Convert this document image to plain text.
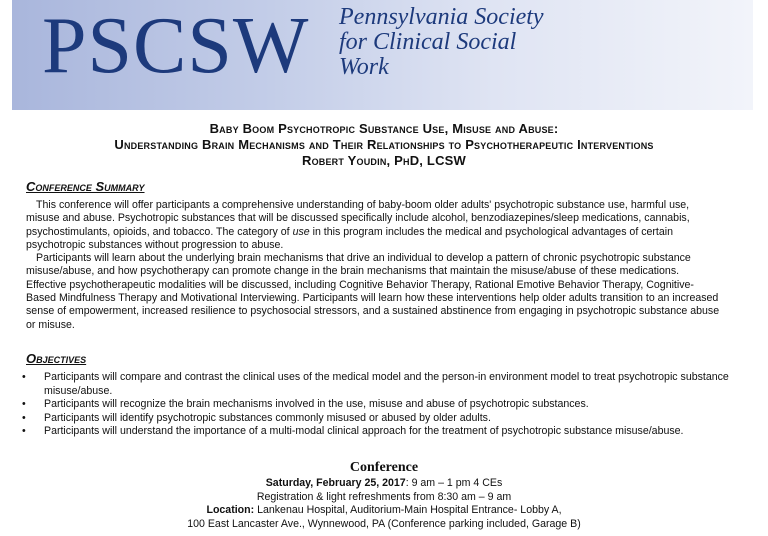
PSCSW Pennsylvania Society
for Clinical Social
Work
Baby Boom Psychotropic Substance Use, Misuse and Abuse:
Understanding Brain Mechanisms and Their Relationships to Psychotherapeutic Interventions
Robert Youdin, PhD, LCSW
Conference Summary

This conference will offer participants a comprehensive understanding of baby-boom older adults' psychotropic substance use, harmful use, misuse and abuse. Psychotropic substances that will be discussed specifically include alcohol, benzodiazepines/sleep medications, cannabis, psychostimulants, opioids, and tobacco. The category of use in this program includes the medical and psychological advantages of certain psychotropic substances without progression to abuse.

Participants will learn about the underlying brain mechanisms that drive an individual to develop a pattern of chronic psychotropic substance misuse/abuse, and how psychotherapy can promote change in the brain mechanisms that maintain the misuse/abuse of these medications. Effective psychotherapeutic modalities will be discussed, including Cognitive Behavior Therapy, Rational Emotive Behavior Therapy, Cognitive-Based Mindfulness Therapy and Motivational Interviewing. Participants will learn how these interventions help older adults transition to an increased sense of empowerment, increased resilience to psychosocial stressors, and a sustained abstinence from engaging in psychotropic substance abuse or misuse.

Objectives
• Participants will compare and contrast the clinical uses of the medical model and the person-in environment model to treat psychotropic substance misuse/abuse.
• Participants will recognize the brain mechanisms involved in the use, misuse and abuse of psychotropic substances.
• Participants will identify psychotropic substances commonly misused or abused by older adults.
• Participants will understand the importance of a multi-modal clinical approach for the treatment of psychotropic substance misuse/abuse.
Conference
Saturday, February 25, 2017: 9 am – 1 pm 4 CEs
Registration & light refreshments from 8:30 am – 9 am
Location: Lankenau Hospital, Auditorium-Main Hospital Entrance- Lobby A,
100 East Lancaster Ave., Wynnewood, PA (Conference parking included, Garage B)
